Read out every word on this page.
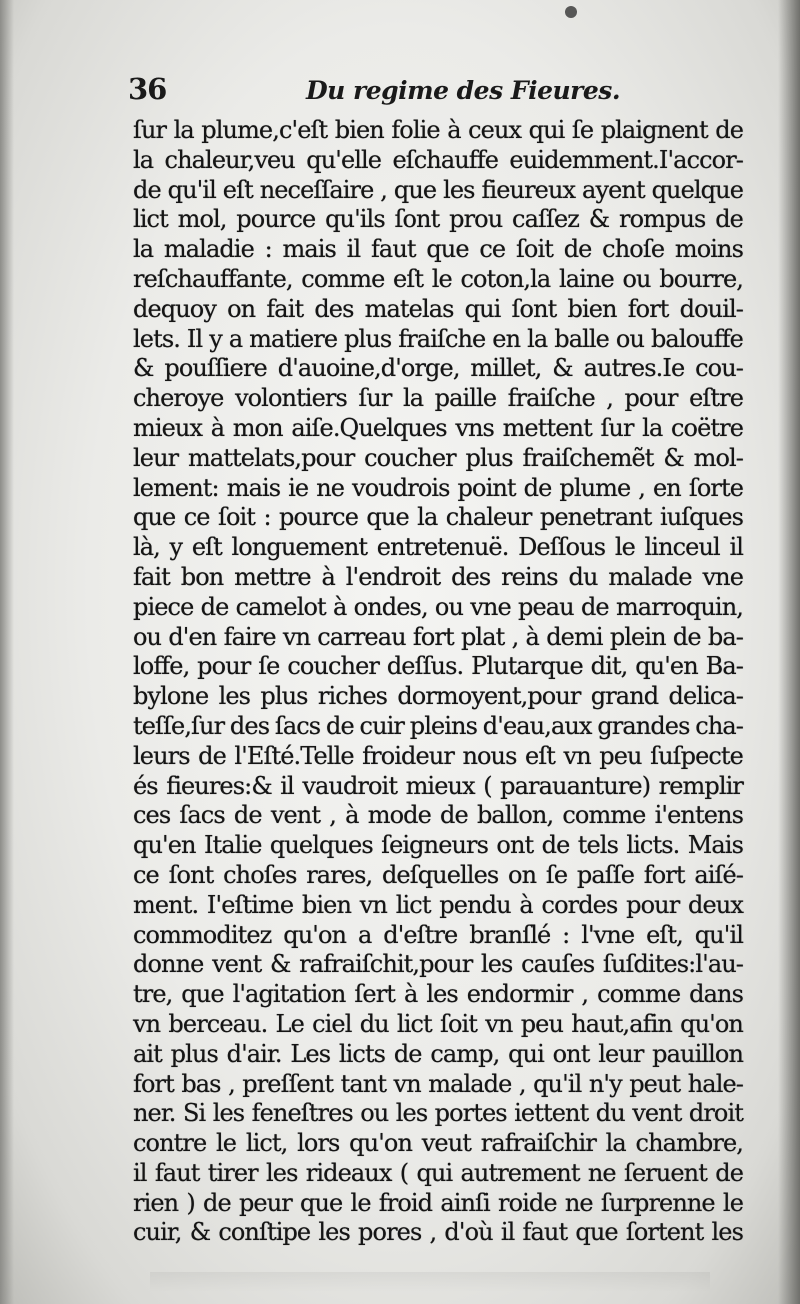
36	Du regime des Fieures.
ſur la plume,c'eſt bien folie à ceux qui ſe plaignent de
la chaleur,veu qu'elle eſchauffe euidemment.I'accor-
de qu'il eſt neceſſaire , que les fieureux ayent quelque
lict mol, pource qu'ils ſont prou caſſez & rompus de
la maladie : mais il faut que ce ſoit de choſe moins
reſchauffante, comme eſt le coton,la laine ou bourre,
dequoy on fait des matelas qui ſont bien fort douil-
lets. Il y a matiere plus fraiſche en la balle ou balouffe
& pouſſiere d'auoine,d'orge, millet, & autres.Ie cou-
cheroye volontiers ſur la paille fraiſche , pour eſtre
mieux à mon aiſe.Quelques vns mettent ſur la coëtre
leur mattelats,pour coucher plus fraiſchemẽt & mol-
lement: mais ie ne voudrois point de plume , en ſorte
que ce ſoit : pource que la chaleur penetrant iuſques
là, y eſt longuement entretenuë. Deſſous le linceul il
fait bon mettre à l'endroit des reins du malade vne
piece de camelot à ondes, ou vne peau de marroquin,
ou d'en faire vn carreau fort plat , à demi plein de ba-
loffe, pour ſe coucher deſſus. Plutarque dit, qu'en Ba-
bylone les plus riches dormoyent,pour grand delica-
teſſe,ſur des ſacs de cuir pleins d'eau,aux grandes cha-
leurs de l'Eſté.Telle froideur nous eſt vn peu ſuſpecte
és fieures:& il vaudroit mieux ( parauanture) remplir
ces ſacs de vent , à mode de ballon, comme i'entens
qu'en Italie quelques ſeigneurs ont de tels licts. Mais
ce ſont choſes rares, deſquelles on ſe paſſe fort aiſé-
ment. I'eſtime bien vn lict pendu à cordes pour deux
commoditez qu'on a d'eſtre branſlé : l'vne eſt, qu'il
donne vent & rafraiſchit,pour les cauſes ſuſdites:l'au-
tre, que l'agitation ſert à les endormir , comme dans
vn berceau. Le ciel du lict ſoit vn peu haut,afin qu'on
ait plus d'air. Les licts de camp, qui ont leur pauillon
fort bas , preſſent tant vn malade , qu'il n'y peut hale-
ner. Si les feneſtres ou les portes iettent du vent droit
contre le lict, lors qu'on veut rafraiſchir la chambre,
il faut tirer les rideaux ( qui autrement ne ſeruent de
rien ) de peur que le froid ainſi roide ne ſurprenne le
cuir, & conſtipe les pores , d'où il faut que ſortent les
